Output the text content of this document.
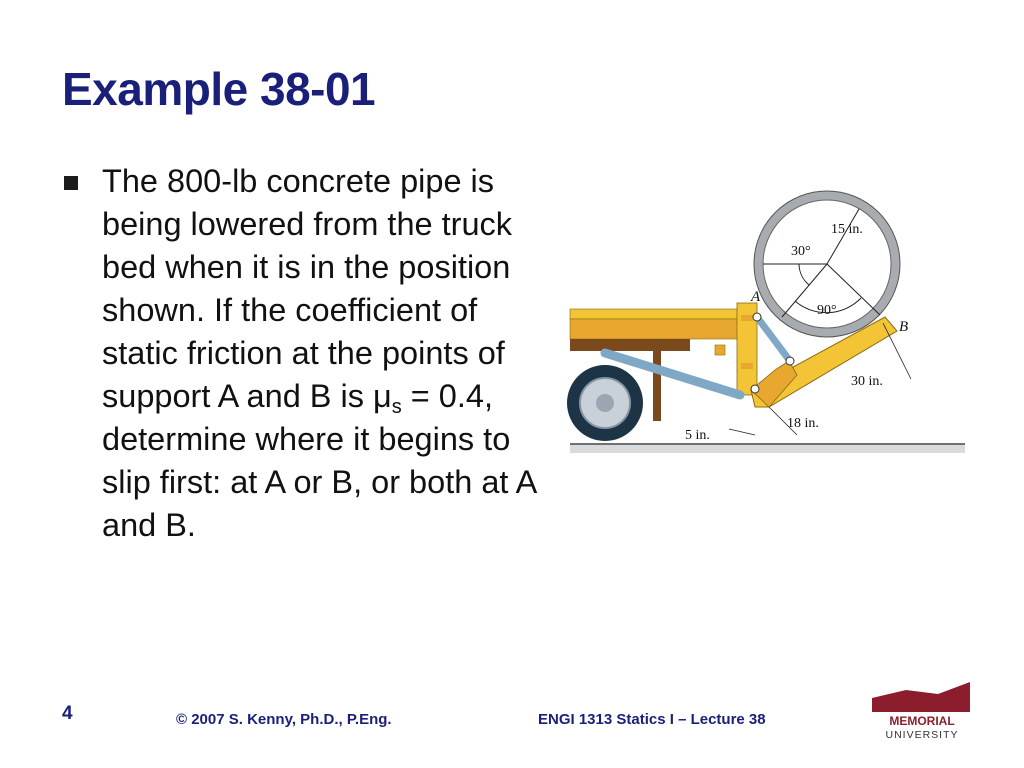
Example 38-01

The 800-lb concrete pipe is being lowered from the truck bed when it is in the position shown. If the coefficient of static friction at the points of support A and B is $\mu_s = 0.4$, determine where it begins to slip first: at A or B, or both at A and B.

15 in.
30°
90°
A
B
30 in.
18 in.
5 in.
4	© 2007 S. Kenny, Ph.D., P.Eng.	ENGI 1313 Statics I – Lecture 38	MEMORIAL
UNIVERSITY
